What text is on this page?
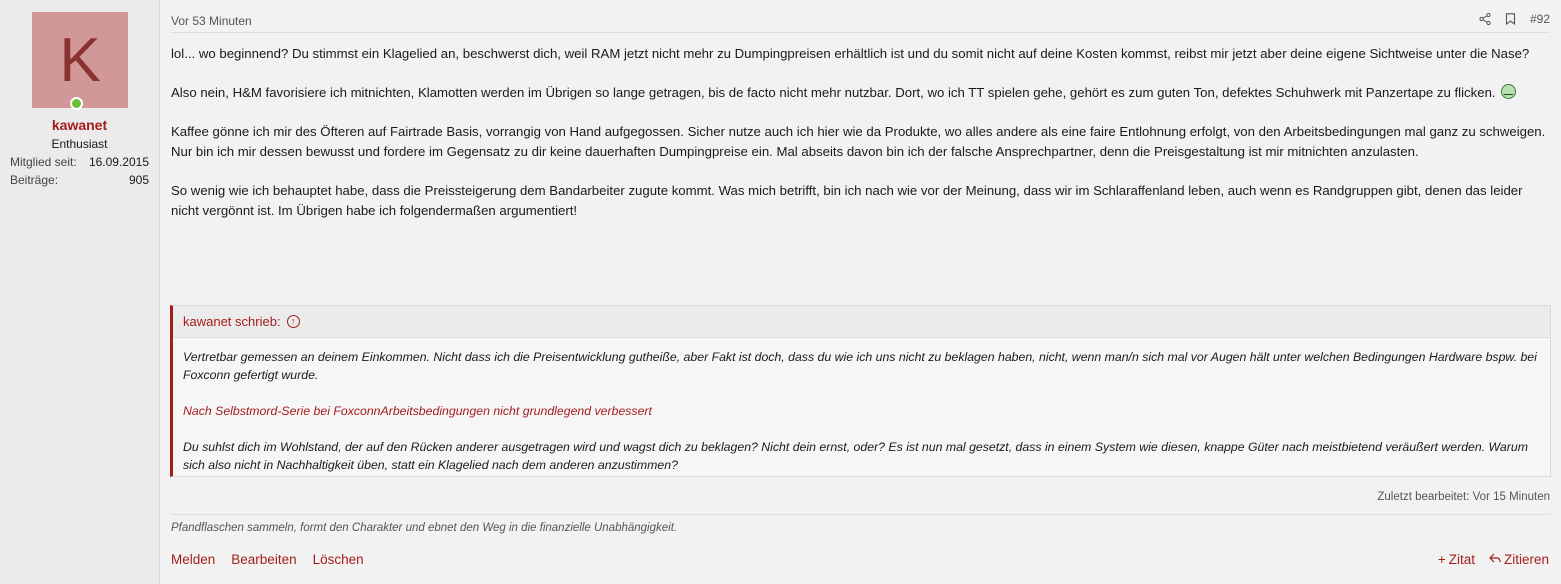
K
kawanet
Enthusiast
Mitglied seit: 16.09.2015
Beiträge:	905
Vor 53 Minuten	#92

lol... wo beginnend? Du stimmst ein Klagelied an, beschwerst dich, weil RAM jetzt nicht mehr zu Dumpingpreisen erhältlich ist und du somit nicht auf deine Kosten kommst, reibst mir jetzt aber deine eigene Sichtweise unter die Nase?

Also nein, H&M favorisiere ich mitnichten, Klamotten werden im Übrigen so lange getragen, bis de facto nicht mehr nutzbar. Dort, wo ich TT spielen gehe, gehört es zum guten Ton, defektes Schuhwerk mit Panzertape zu flicken.

Kaffee gönne ich mir des Öfteren auf Fairtrade Basis, vorrangig von Hand aufgegossen. Sicher nutze auch ich hier wie da Produkte, wo alles andere als eine faire Entlohnung erfolgt, von den Arbeitsbedingungen mal ganz zu schweigen. Nur bin ich mir dessen bewusst und fordere im Gegensatz zu dir keine dauerhaften Dumpingpreise ein. Mal abseits davon bin ich der falsche Ansprechpartner, denn die Preisgestaltung ist mir mitnichten anzulasten.

So wenig wie ich behauptet habe, dass die Preissteigerung dem Bandarbeiter zugute kommt. Was mich betrifft, bin ich nach wie vor der Meinung, dass wir im Schlaraffenland leben, auch wenn es Randgruppen gibt, denen das leider nicht vergönnt ist. Im Übrigen habe ich folgendermaßen argumentiert!

kawanet schrieb:	↑

Vertretbar gemessen an deinem Einkommen. Nicht dass ich die Preisentwicklung gutheiße, aber Fakt ist doch, dass du wie ich uns nicht zu beklagen haben, nicht, wenn man/n sich mal vor Augen hält unter welchen Bedingungen Hardware bspw. bei Foxconn gefertigt wurde.

Nach Selbstmord-Serie bei FoxconnArbeitsbedingungen nicht grundlegend verbessert

Du suhlst dich im Wohlstand, der auf den Rücken anderer ausgetragen wird und wagst dich zu beklagen? Nicht dein ernst, oder? Es ist nun mal gesetzt, dass in einem System wie diesen, knappe Güter nach meistbietend veräußert werden. Warum sich also nicht in Nachhaltigkeit üben, statt ein Klagelied nach dem anderen anzustimmen?

Zuletzt bearbeitet: Vor 15 Minuten
Pfandflaschen sammeln, formt den Charakter und ebnet den Weg in die finanzielle Unabhängigkeit.
Melden Bearbeiten Löschen	+ Zitat Zitieren
